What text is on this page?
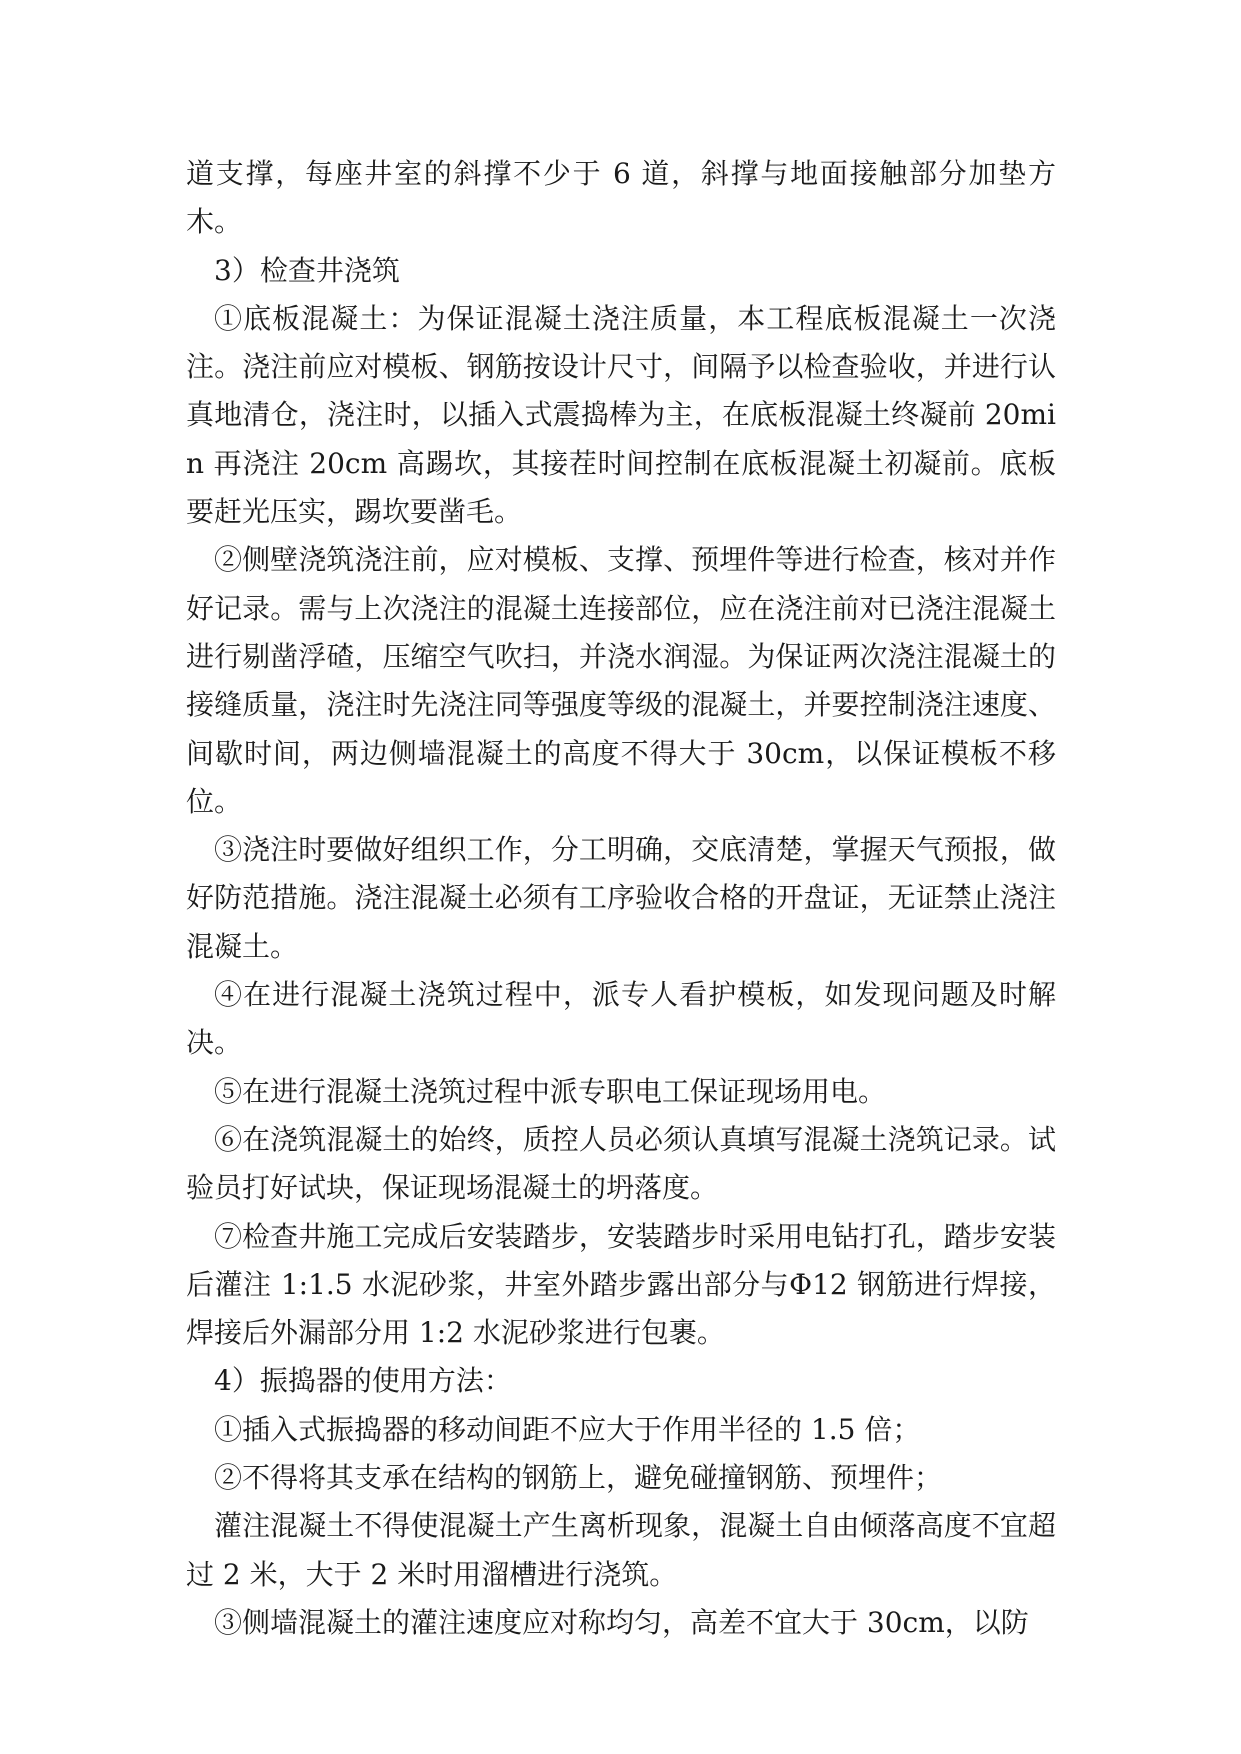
道支撑，每座井室的斜撑不少于 6 道，斜撑与地面接触部分加垫方木。

3）检查井浇筑

①底板混凝土：为保证混凝土浇注质量，本工程底板混凝土一次浇注。浇注前应对模板、钢筋按设计尺寸，间隔予以检查验收，并进行认真地清仓，浇注时，以插入式震捣棒为主，在底板混凝土终凝前 20min 再浇注 20cm 高踢坎，其接茬时间控制在底板混凝土初凝前。底板要赶光压实，踢坎要凿毛。

②侧壁浇筑浇注前，应对模板、支撑、预埋件等进行检查，核对并作好记录。需与上次浇注的混凝土连接部位，应在浇注前对已浇注混凝土进行剔凿浮碴，压缩空气吹扫，并浇水润湿。为保证两次浇注混凝土的接缝质量，浇注时先浇注同等强度等级的混凝土，并要控制浇注速度、间歇时间，两边侧墙混凝土的高度不得大于 30cm，以保证模板不移位。

③浇注时要做好组织工作，分工明确，交底清楚，掌握天气预报，做好防范措施。浇注混凝土必须有工序验收合格的开盘证，无证禁止浇注混凝土。

④在进行混凝土浇筑过程中，派专人看护模板，如发现问题及时解决。

⑤在进行混凝土浇筑过程中派专职电工保证现场用电。

⑥在浇筑混凝土的始终，质控人员必须认真填写混凝土浇筑记录。试验员打好试块，保证现场混凝土的坍落度。

⑦检查井施工完成后安装踏步，安装踏步时采用电钻打孔，踏步安装后灌注 1:1.5 水泥砂浆，井室外踏步露出部分与Φ12 钢筋进行焊接，焊接后外漏部分用 1:2 水泥砂浆进行包裹。

4）振捣器的使用方法：

①插入式振捣器的移动间距不应大于作用半径的 1.5 倍；

②不得将其支承在结构的钢筋上，避免碰撞钢筋、预埋件；

灌注混凝土不得使混凝土产生离析现象，混凝土自由倾落高度不宜超过 2 米，大于 2 米时用溜槽进行浇筑。

③侧墙混凝土的灌注速度应对称均匀，高差不宜大于 30cm，以防
